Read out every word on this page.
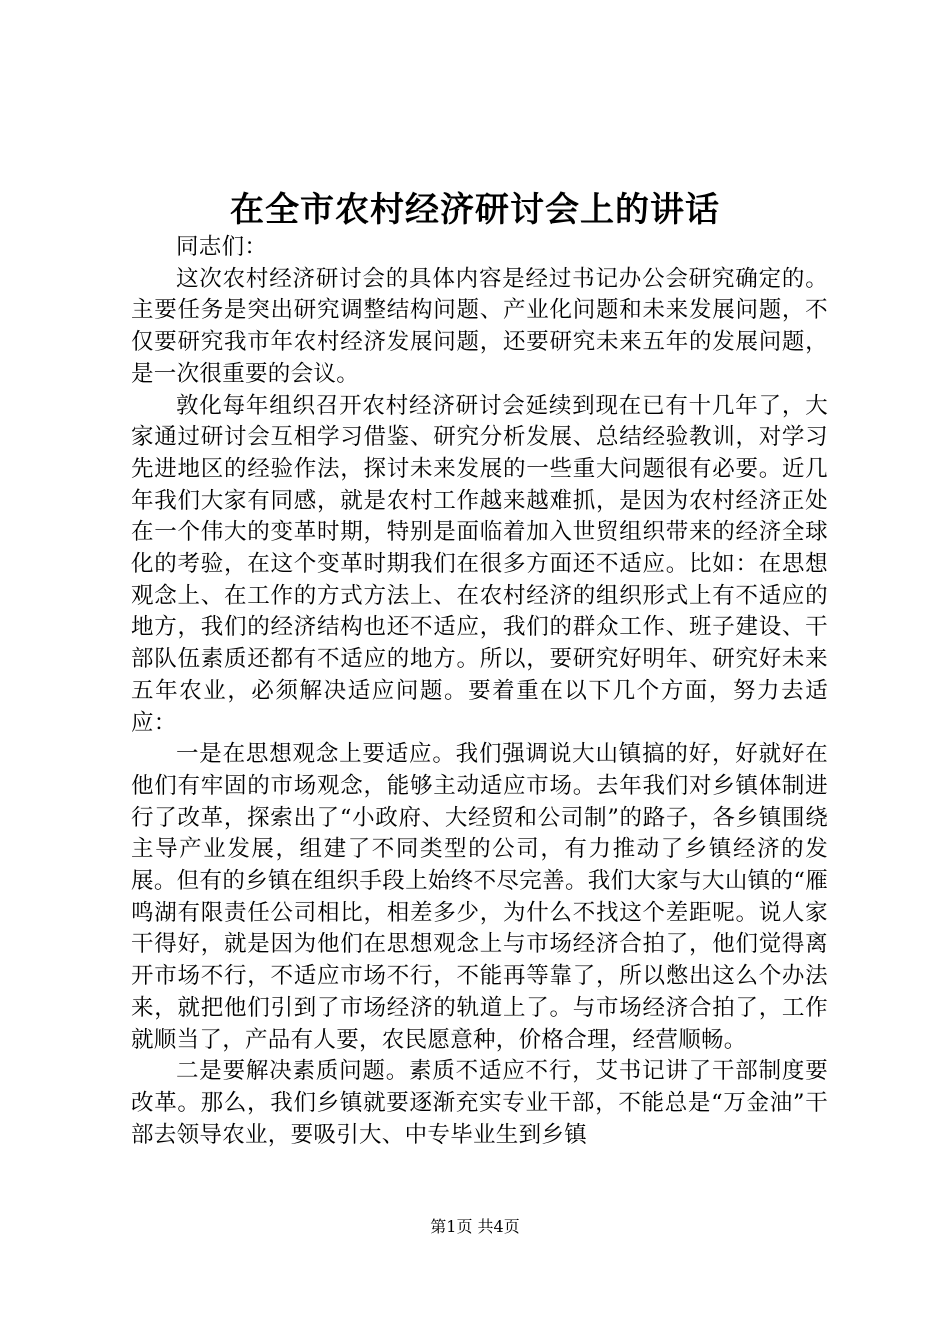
在全市农村经济研讨会上的讲话

同志们：

这次农村经济研讨会的具体内容是经过书记办公会研究确定的。主要任务是突出研究调整结构问题、产业化问题和未来发展问题，不仅要研究我市年农村经济发展问题，还要研究未来五年的发展问题，是一次很重要的会议。

敦化每年组织召开农村经济研讨会延续到现在已有十几年了，大家通过研讨会互相学习借鉴、研究分析发展、总结经验教训，对学习先进地区的经验作法，探讨未来发展的一些重大问题很有必要。近几年我们大家有同感，就是农村工作越来越难抓，是因为农村经济正处在一个伟大的变革时期，特别是面临着加入世贸组织带来的经济全球化的考验，在这个变革时期我们在很多方面还不适应。比如：在思想观念上、在工作的方式方法上、在农村经济的组织形式上有不适应的地方，我们的经济结构也还不适应，我们的群众工作、班子建设、干部队伍素质还都有不适应的地方。所以，要研究好明年、研究好未来五年农业，必须解决适应问题。要着重在以下几个方面，努力去适应：

一是在思想观念上要适应。我们强调说大山镇搞的好，好就好在他们有牢固的市场观念，能够主动适应市场。去年我们对乡镇体制进行了改革，探索出了“小政府、大经贸和公司制”的路子，各乡镇围绕主导产业发展，组建了不同类型的公司，有力推动了乡镇经济的发展。但有的乡镇在组织手段上始终不尽完善。我们大家与大山镇的“雁鸣湖有限责任公司相比，相差多少，为什么不找这个差距呢。说人家干得好，就是因为他们在思想观念上与市场经济合拍了，他们觉得离开市场不行，不适应市场不行，不能再等靠了，所以憋出这么个办法来，就把他们引到了市场经济的轨道上了。与市场经济合拍了，工作就顺当了，产品有人要，农民愿意种，价格合理，经营顺畅。

二是要解决素质问题。素质不适应不行，艾书记讲了干部制度要改革。那么，我们乡镇就要逐渐充实专业干部，不能总是“万金油”干部去领导农业，要吸引大、中专毕业生到乡镇

第1页 共4页
